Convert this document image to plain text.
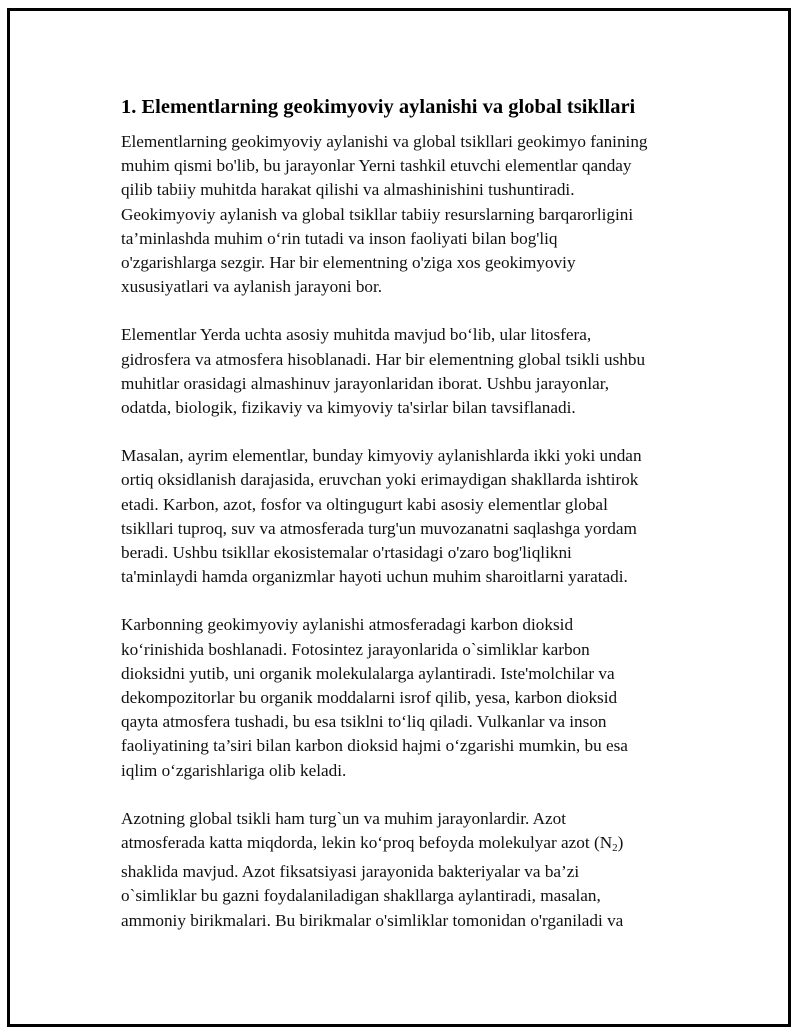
1. Elementlarning geokimyoviy aylanishi va global tsikllari

Elementlarning geokimyoviy aylanishi va global tsikllari geokimyo fanining
muhim qismi bo'lib, bu jarayonlar Yerni tashkil etuvchi elementlar qanday
qilib tabiiy muhitda harakat qilishi va almashinishini tushuntiradi.
Geokimyoviy aylanish va global tsikllar tabiiy resurslarning barqarorligini
ta’minlashda muhim o‘rin tutadi va inson faoliyati bilan bog'liq
o'zgarishlarga sezgir. Har bir elementning o'ziga xos geokimyoviy
xususiyatlari va aylanish jarayoni bor.

Elementlar Yerda uchta asosiy muhitda mavjud bo‘lib, ular litosfera,
gidrosfera va atmosfera hisoblanadi. Har bir elementning global tsikli ushbu
muhitlar orasidagi almashinuv jarayonlaridan iborat. Ushbu jarayonlar,
odatda, biologik, fizikaviy va kimyoviy ta'sirlar bilan tavsiflanadi.

Masalan, ayrim elementlar, bunday kimyoviy aylanishlarda ikki yoki undan
ortiq oksidlanish darajasida, eruvchan yoki erimaydigan shakllarda ishtirok
etadi. Karbon, azot, fosfor va oltingugurt kabi asosiy elementlar global
tsikllari tuproq, suv va atmosferada turg'un muvozanatni saqlashga yordam
beradi. Ushbu tsikllar ekosistemalar o'rtasidagi o'zaro bog'liqlikni
ta'minlaydi hamda organizmlar hayoti uchun muhim sharoitlarni yaratadi.

Karbonning geokimyoviy aylanishi atmosferadagi karbon dioksid
ko‘rinishida boshlanadi. Fotosintez jarayonlarida o`simliklar karbon
dioksidni yutib, uni organik molekulalarga aylantiradi. Iste'molchilar va
dekompozitorlar bu organik moddalarni isrof qilib, yesa, karbon dioksid
qayta atmosfera tushadi, bu esa tsiklni to‘liq qiladi. Vulkanlar va inson
faoliyatining ta’siri bilan karbon dioksid hajmi o‘zgarishi mumkin, bu esa
iqlim o‘zgarishlariga olib keladi.

Azotning global tsikli ham turg`un va muhim jarayonlardir. Azot
atmosferada katta miqdorda, lekin ko‘proq befoyda molekulyar azot $(N_2)$
shaklida mavjud. Azot fiksatsiyasi jarayonida bakteriyalar va ba’zi
o`simliklar bu gazni foydalaniladigan shakllarga aylantiradi, masalan,
ammoniy birikmalari. Bu birikmalar o'simliklar tomonidan o'rganiladi va
